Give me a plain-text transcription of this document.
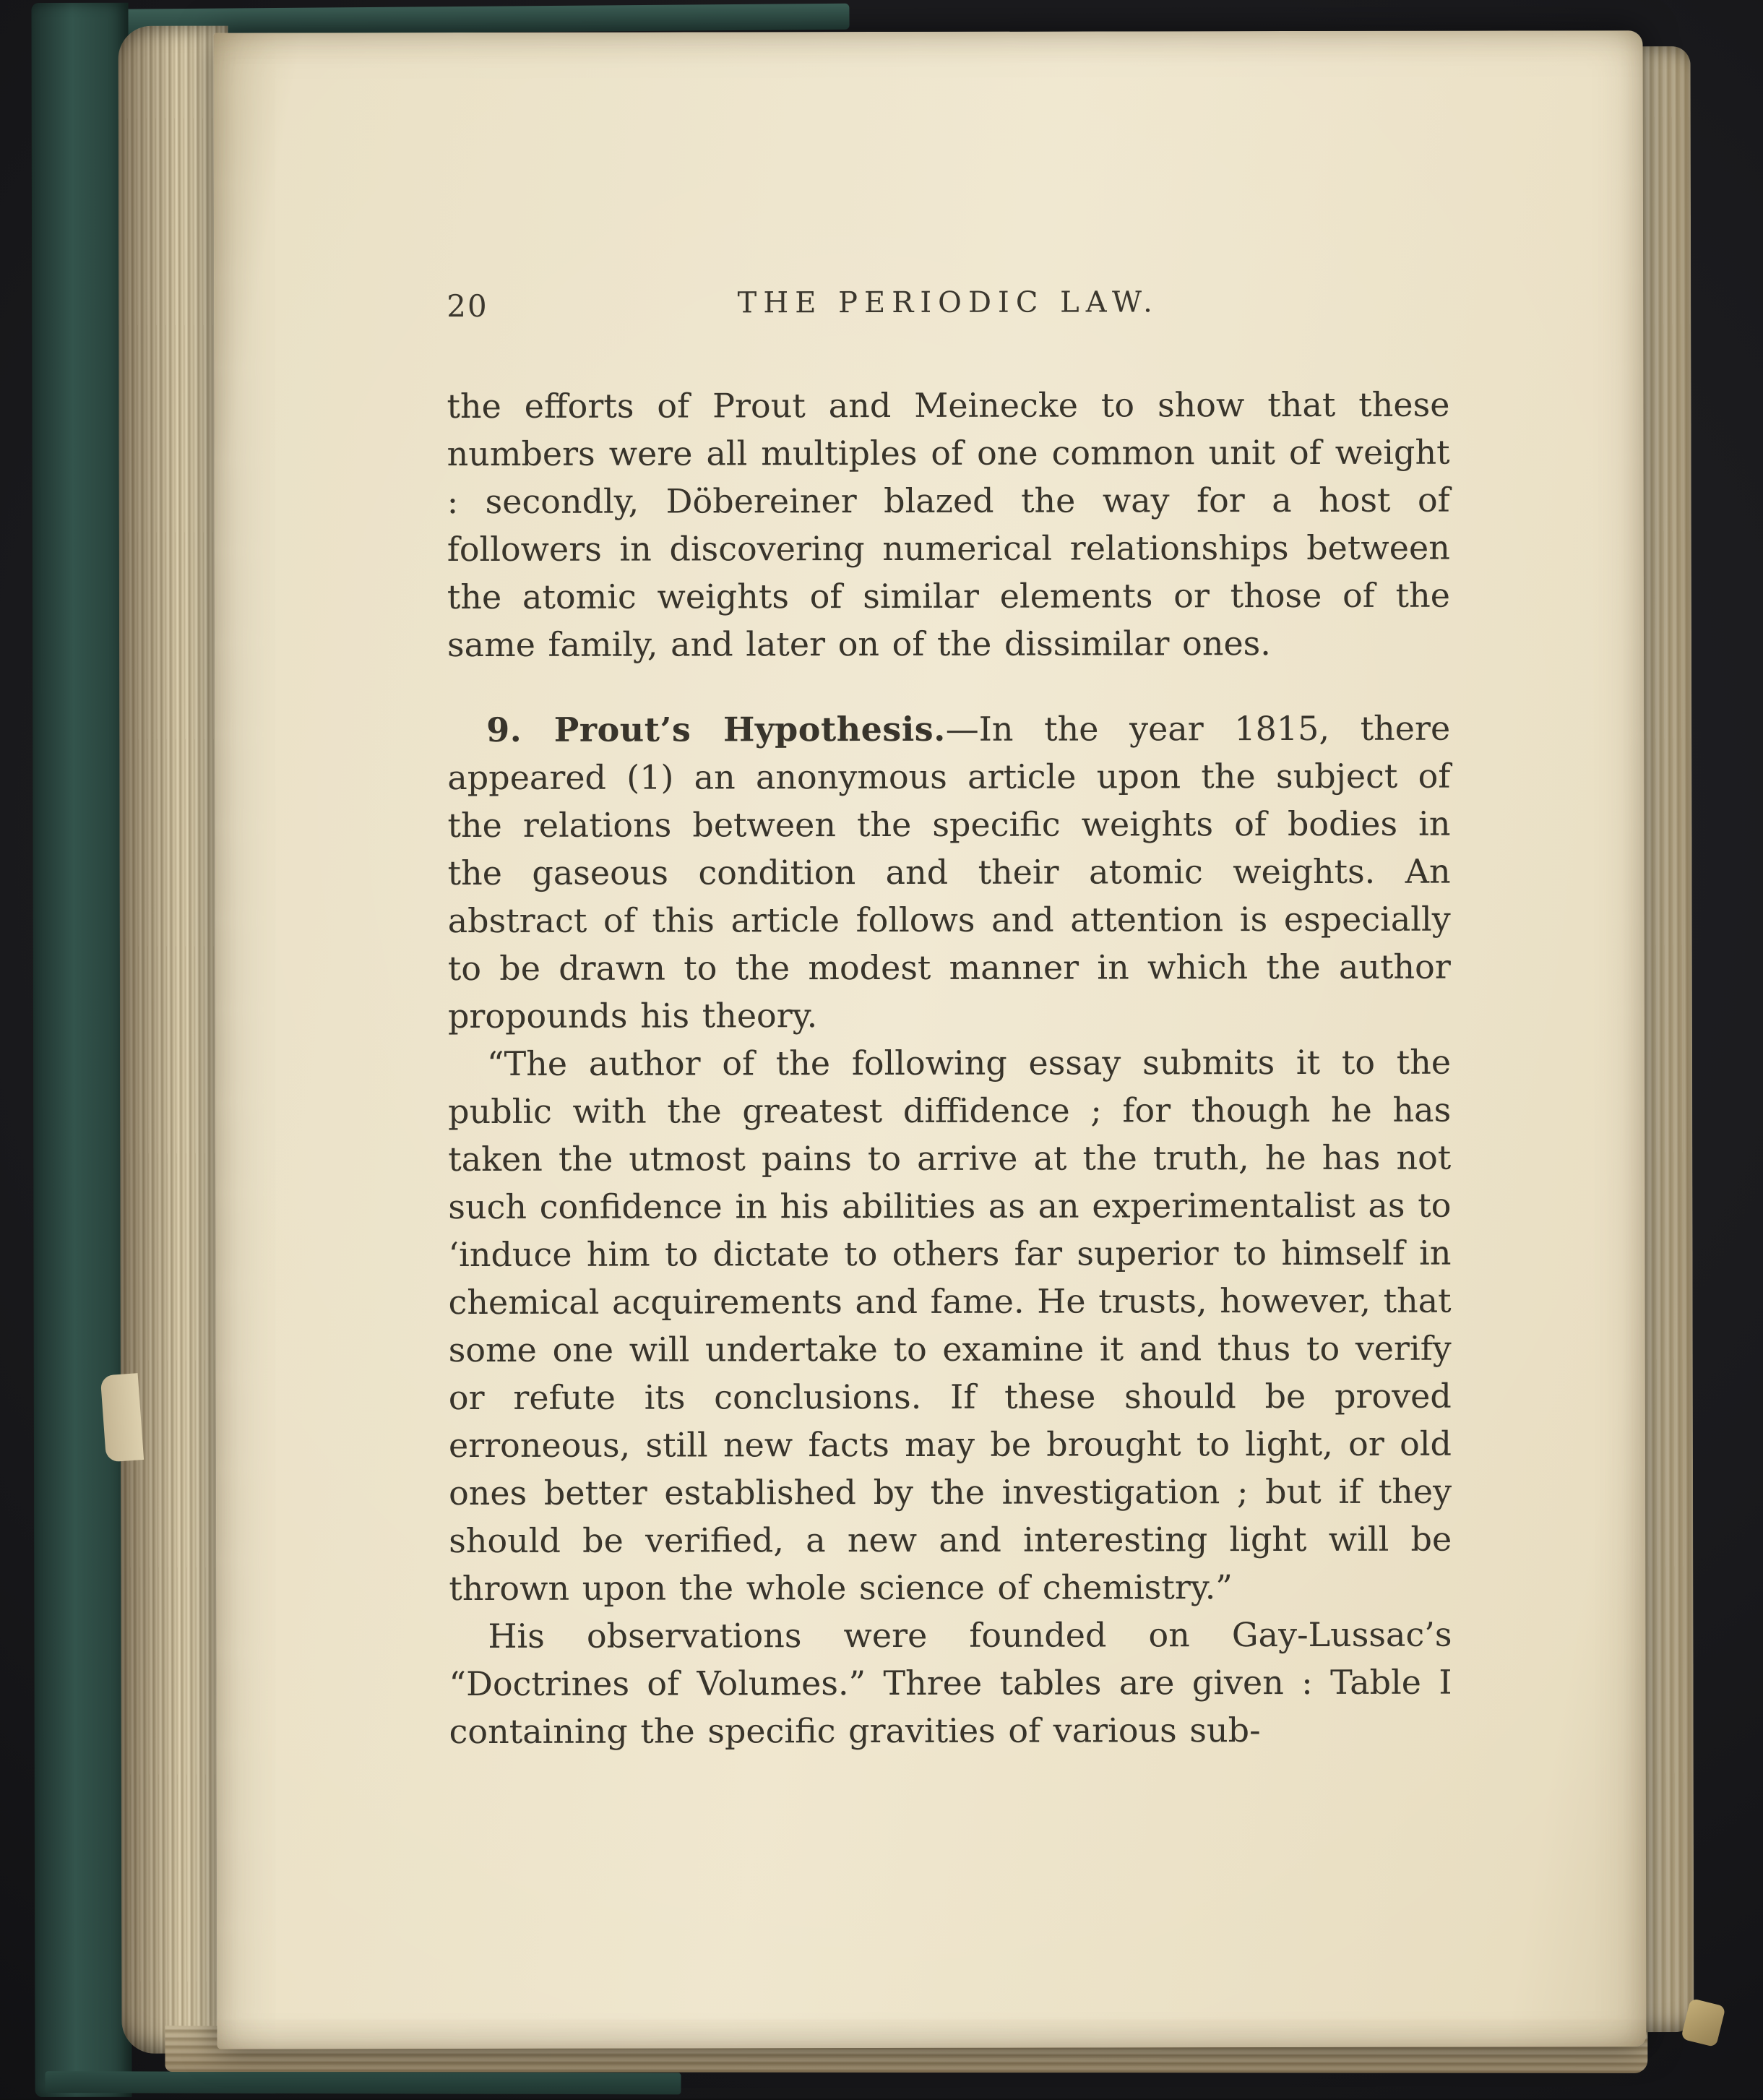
20	THE PERIODIC LAW.

the efforts of Prout and Meinecke to show that these numbers were all multiples of one common unit of weight : secondly, Döbereiner blazed the way for a host of followers in discovering numerical relationships between the atomic weights of similar elements or those of the same family, and later on of the dissimilar ones.

9. Prout’s Hypothesis.—In the year 1815, there appeared (1) an anonymous article upon the subject of the relations between the specific weights of bodies in the gaseous condition and their atomic weights. An abstract of this article follows and attention is especially to be drawn to the modest manner in which the author propounds his theory.

“The author of the following essay submits it to the public with the greatest diffidence ; for though he has taken the utmost pains to arrive at the truth, he has not such confidence in his abilities as an experimentalist as to ‘induce him to dictate to others far superior to himself in chemical acquirements and fame. He trusts, however, that some one will undertake to examine it and thus to verify or refute its conclusions. If these should be proved erroneous, still new facts may be brought to light, or old ones better established by the investigation ; but if they should be verified, a new and interesting light will be thrown upon the whole science of chemistry.”

His observations were founded on Gay-Lussac’s “Doctrines of Volumes.” Three tables are given : Table I containing the specific gravities of various sub-
